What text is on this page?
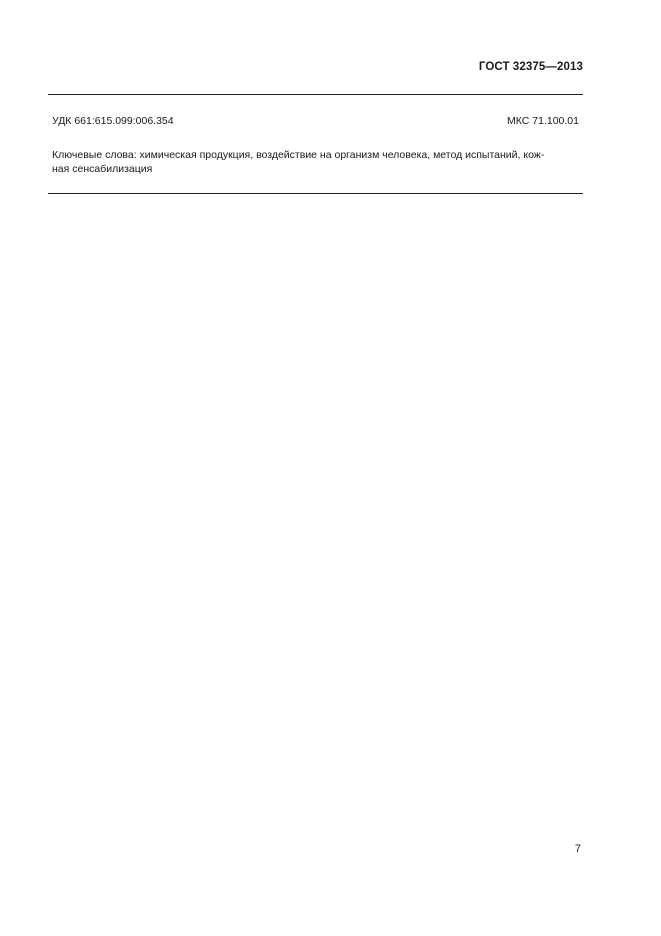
ГОСТ 32375—2013
УДК 661:615.099:006.354	МКС 71.100.01
Ключевые слова: химическая продукция, воздействие на организм человека, метод испытаний, кож-
ная сенсабилизация
7
